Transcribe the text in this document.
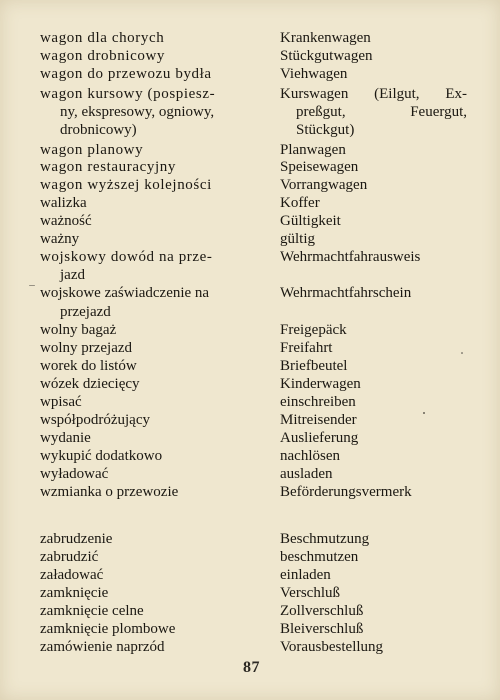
wagon dla chorych
wagon drobnicowy
wagon do przewozu bydła
wagon kursowy (pospiesz-
ny, ekspresowy, ogniowy,
drobnicowy)
wagon planowy
wagon restauracyjny
wagon wyższej kolejności
walizka
ważność
ważny
wojskowy dowód na prze-
jazd
wojskowe zaświadczenie na
przejazd
wolny bagaż
wolny przejazd
worek do listów
wózek dziecięcy
wpisać
współpodróżujący
wydanie
wykupić dodatkowo
wyładować
wzmianka o przewozie
zabrudzenie
zabrudzić
załadować
zamknięcie
zamknięcie celne
zamknięcie plombowe
zamówienie naprzód
Krankenwagen
Stückgutwagen
Viehwagen
Kurswagen (Eilgut, Ex-
preßgut, Feuergut,
Stückgut)
Planwagen
Speisewagen
Vorrangwagen
Koffer
Gültigkeit
gültig
Wehrmachtfahrausweis
Wehrmachtfahrschein
Freigepäck
Freifahrt
Briefbeutel
Kinderwagen
einschreiben
Mitreisender
Auslieferung
nachlösen
ausladen
Beförderungsvermerk
Beschmutzung
beschmutzen
einladen
Verschluß
Zollverschluß
Bleiverschluß
Vorausbestellung
87
